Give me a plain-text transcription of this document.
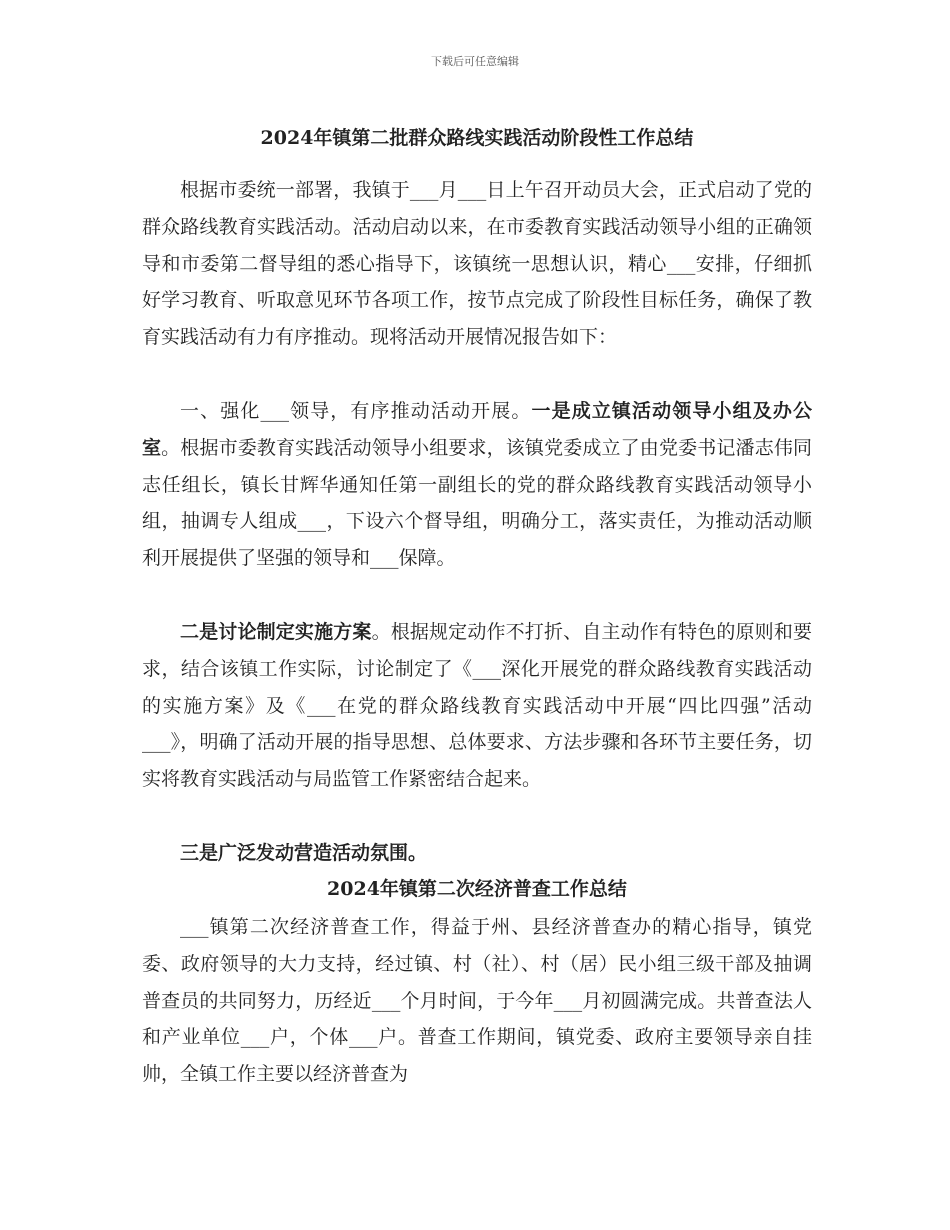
下载后可任意编辑
2024年镇第二批群众路线实践活动阶段性工作总结

根据市委统一部署，我镇于___月___日上午召开动员大会，正式启动了党的群众路线教育实践活动。活动启动以来，在市委教育实践活动领导小组的正确领导和市委第二督导组的悉心指导下，该镇统一思想认识，精心___安排，仔细抓好学习教育、听取意见环节各项工作，按节点完成了阶段性目标任务，确保了教育实践活动有力有序推动。现将活动开展情况报告如下：

一、强化___领导，有序推动活动开展。一是成立镇活动领导小组及办公室。根据市委教育实践活动领导小组要求，该镇党委成立了由党委书记潘志伟同志任组长，镇长甘辉华通知任第一副组长的党的群众路线教育实践活动领导小组，抽调专人组成___，下设六个督导组，明确分工，落实责任，为推动活动顺利开展提供了坚强的领导和___保障。

二是讨论制定实施方案。根据规定动作不打折、自主动作有特色的原则和要求，结合该镇工作实际，讨论制定了《___深化开展党的群众路线教育实践活动的实施方案》及《___在党的群众路线教育实践活动中开展“四比四强”活动___》，明确了活动开展的指导思想、总体要求、方法步骤和各环节主要任务，切实将教育实践活动与局监管工作紧密结合起来。

三是广泛发动营造活动氛围。

2024年镇第二次经济普查工作总结

___镇第二次经济普查工作，得益于州、县经济普查办的精心指导，镇党委、政府领导的大力支持，经过镇、村（社）、村（居）民小组三级干部及抽调普查员的共同努力，历经近___个月时间，于今年___月初圆满完成。共普查法人和产业单位___户，个体___户。普查工作期间，镇党委、政府主要领导亲自挂帅，全镇工作主要以经济普查为
